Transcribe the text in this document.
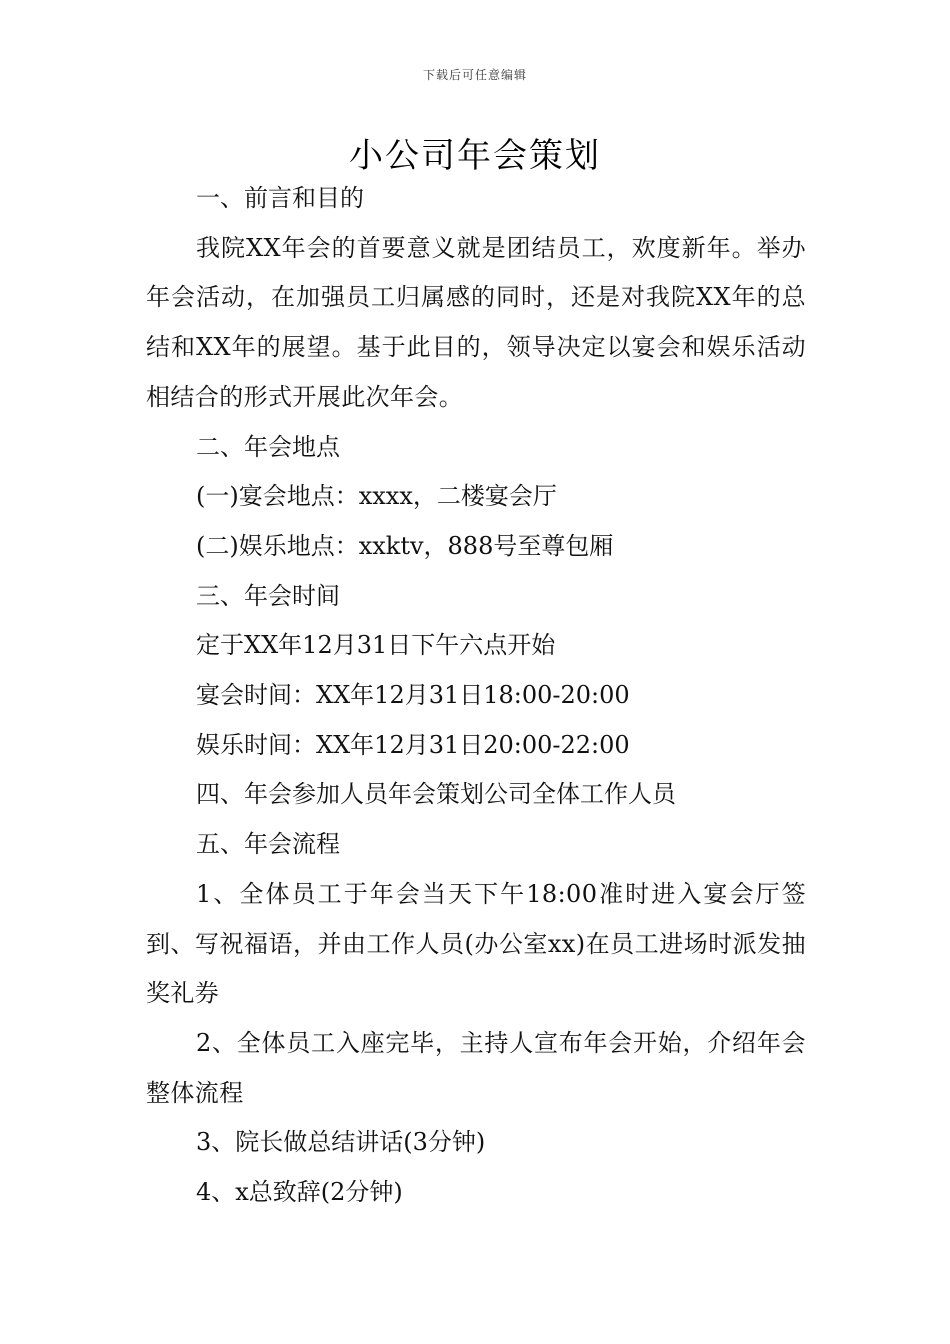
下载后可任意编辑
小公司年会策划

一、前言和目的

我院XX年会的首要意义就是团结员工，欢度新年。举办年会活动，在加强员工归属感的同时，还是对我院XX年的总结和XX年的展望。基于此目的，领导决定以宴会和娱乐活动相结合的形式开展此次年会。

二、年会地点

(一)宴会地点：xxxx，二楼宴会厅

(二)娱乐地点：xxktv，888号至尊包厢

三、年会时间

定于XX年12月31日下午六点开始

宴会时间：XX年12月31日18:00-20:00

娱乐时间：XX年12月31日20:00-22:00

四、年会参加人员年会策划公司全体工作人员

五、年会流程

1、全体员工于年会当天下午18:00准时进入宴会厅签到、写祝福语，并由工作人员(办公室xx)在员工进场时派发抽奖礼券

2、全体员工入座完毕，主持人宣布年会开始，介绍年会整体流程

3、院长做总结讲话(3分钟)

4、x总致辞(2分钟)
